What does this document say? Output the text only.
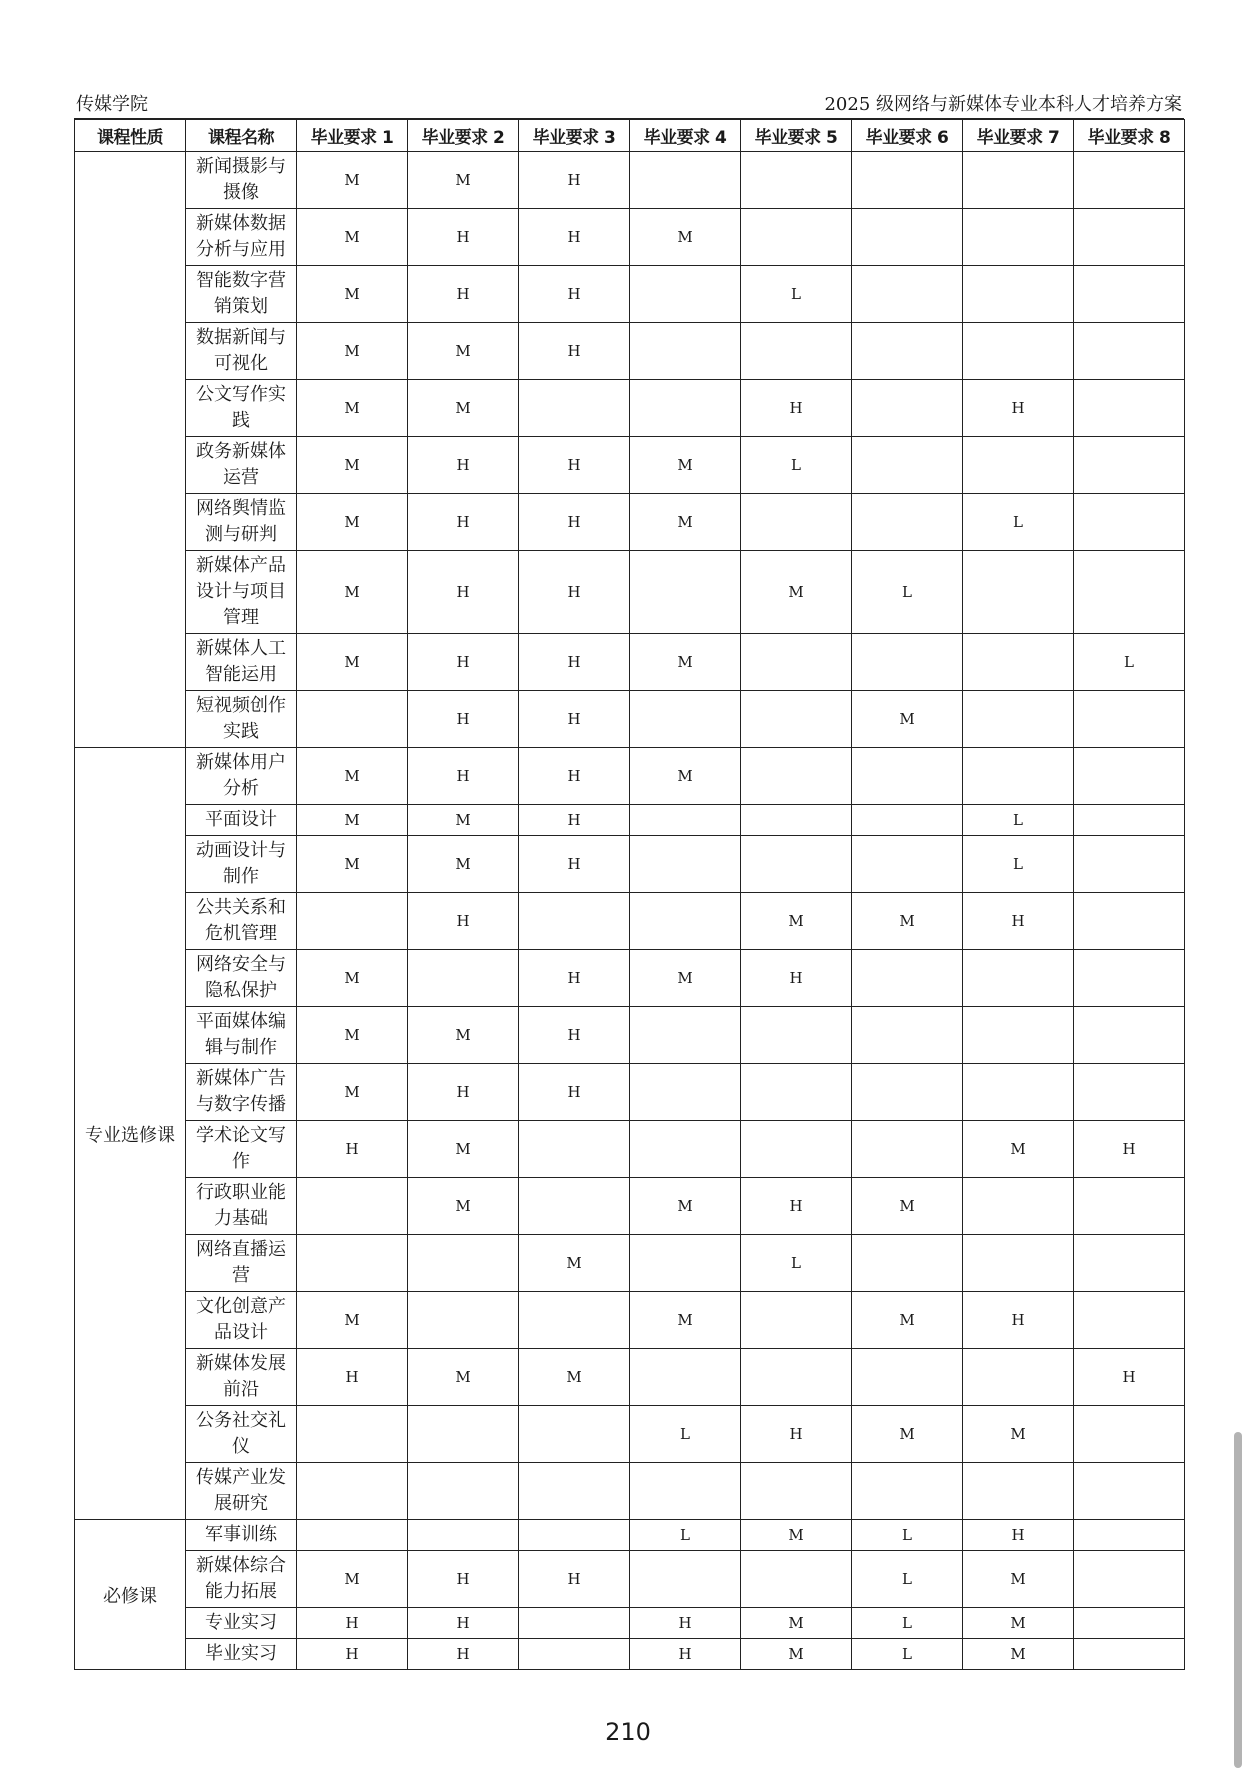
传媒学院	2025 级网络与新媒体专业本科人才培养方案
课程性质	课程名称	毕业要求 1	毕业要求 2	毕业要求 3	毕业要求 4	毕业要求 5	毕业要求 6	毕业要求 7	毕业要求 8
	新闻摄影与摄像	M	M	H					
	新媒体数据分析与应用	M	H	H	M				
	智能数字营销策划	M	H	H		L			
	数据新闻与可视化	M	M	H					
	公文写作实践	M	M			H		H	
	政务新媒体运营	M	H	H	M	L			
	网络舆情监测与研判	M	H	H	M			L	
	新媒体产品设计与项目管理	M	H	H		M	L		
	新媒体人工智能运用	M	H	H	M				L
	短视频创作实践		H	H			M		
专业选修课	新媒体用户分析	M	H	H	M				
	平面设计	M	M	H				L	
	动画设计与制作	M	M	H				L	
	公共关系和危机管理		H			M	M	H	
	网络安全与隐私保护	M		H	M	H			
	平面媒体编辑与制作	M	M	H					
	新媒体广告与数字传播	M	H	H					
	学术论文写作	H	M					M	H
	行政职业能力基础		M		M	H	M		
	网络直播运营			M		L			
	文化创意产品设计	M			M		M	H	
	新媒体发展前沿	H	M	M					H
	公务社交礼仪				L	H	M	M	
	传媒产业发展研究								
必修课	军事训练				L	M	L	H	
	新媒体综合能力拓展	M	H	H			L	M	
	专业实习	H	H		H	M	L	M	
	毕业实习	H	H		H	M	L	M	
210
